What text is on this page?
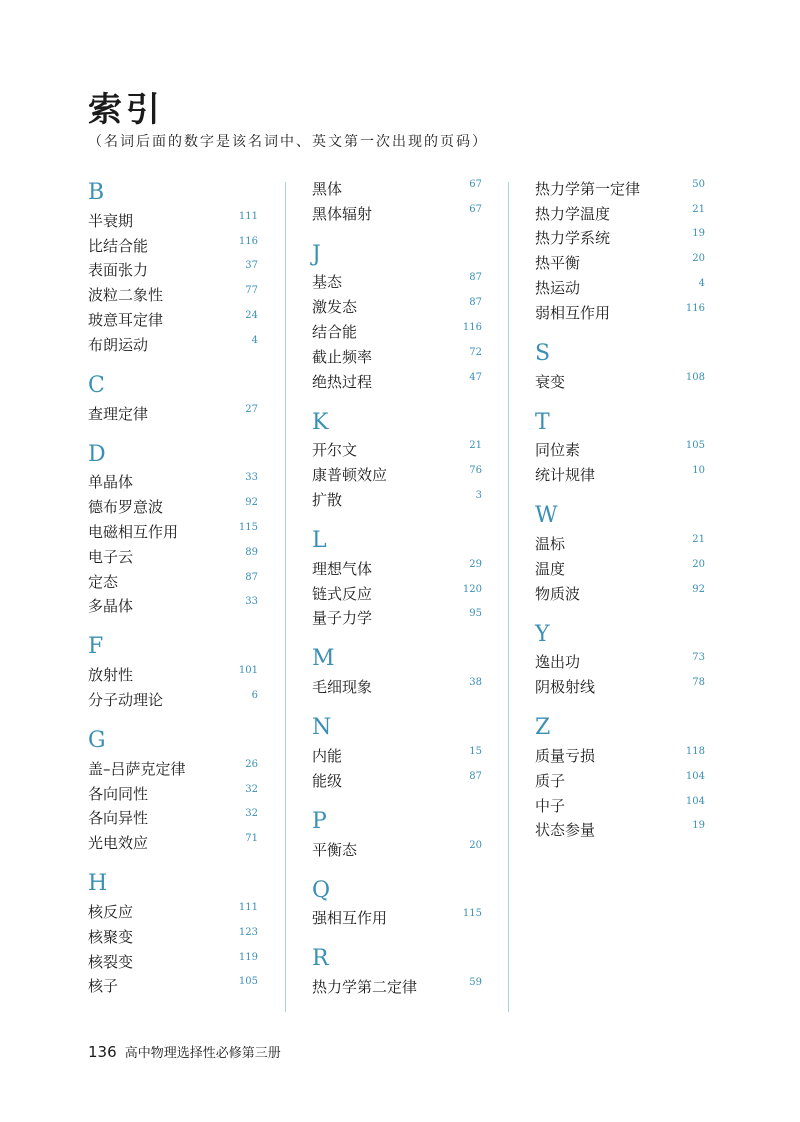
索引
（名词后面的数字是该名词中、英文第一次出现的页码）
B
半衰期	111
比结合能	116
表面张力	37
波粒二象性	77
玻意耳定律	24
布朗运动	4
C
查理定律	27
D
单晶体	33
德布罗意波	92
电磁相互作用	115
电子云	89
定态	87
多晶体	33
F
放射性	101
分子动理论	6
G
盖–吕萨克定律	26
各向同性	32
各向异性	32
光电效应	71
H
核反应	111
核聚变	123
核裂变	119
核子	105
黑体	67
黑体辐射	67
J
基态	87
激发态	87
结合能	116
截止频率	72
绝热过程	47
K
开尔文	21
康普顿效应	76
扩散	3
L
理想气体	29
链式反应	120
量子力学	95
M
毛细现象	38
N
内能	15
能级	87
P
平衡态	20
Q
强相互作用	115
R
热力学第二定律	59
热力学第一定律	50
热力学温度	21
热力学系统	19
热平衡	20
热运动	4
弱相互作用	116
S
衰变	108
T
同位素	105
统计规律	10
W
温标	21
温度	20
物质波	92
Y
逸出功	73
阴极射线	78
Z
质量亏损	118
质子	104
中子	104
状态参量	19
136 高中物理选择性必修第三册
